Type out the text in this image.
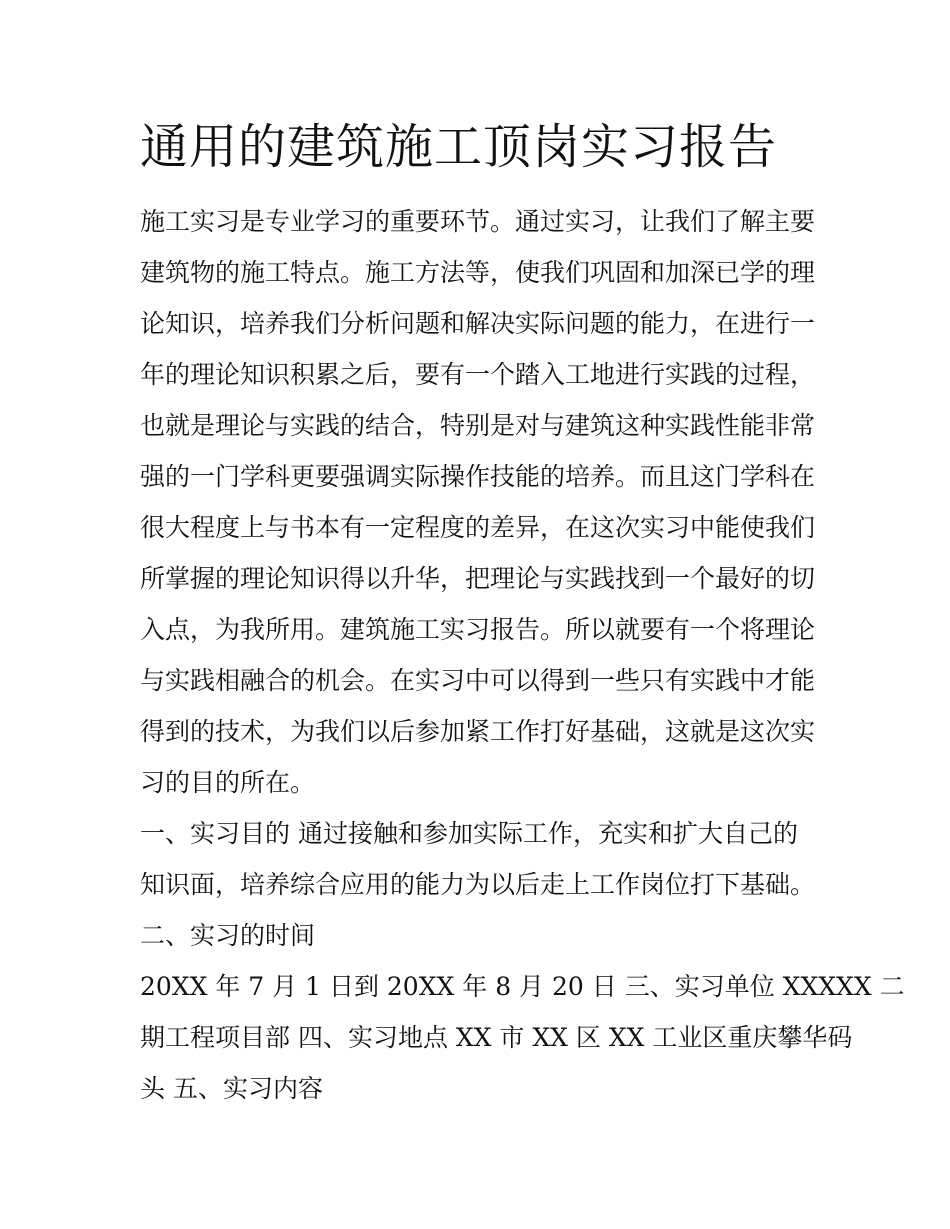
通用的建筑施工顶岗实习报告
施工实习是专业学习的重要环节。通过实习，让我们了解主要
建筑物的施工特点。施工方法等，使我们巩固和加深已学的理
论知识，培养我们分析问题和解决实际问题的能力，在进行一
年的理论知识积累之后，要有一个踏入工地进行实践的过程，
也就是理论与实践的结合，特别是对与建筑这种实践性能非常
强的一门学科更要强调实际操作技能的培养。而且这门学科在
很大程度上与书本有一定程度的差异，在这次实习中能使我们
所掌握的理论知识得以升华，把理论与实践找到一个最好的切
入点，为我所用。建筑施工实习报告。所以就要有一个将理论
与实践相融合的机会。在实习中可以得到一些只有实践中才能
得到的技术，为我们以后参加紧工作打好基础，这就是这次实
习的目的所在。
一、实习目的 通过接触和参加实际工作，充实和扩大自己的
知识面，培养综合应用的能力为以后走上工作岗位打下基础。
二、实习的时间
20XX 年 7 月 1 日到 20XX 年 8 月 20 日 三、实习单位 XXXXX 二
期工程项目部 四、实习地点 XX 市 XX 区 XX 工业区重庆攀华码
头 五、实习内容
